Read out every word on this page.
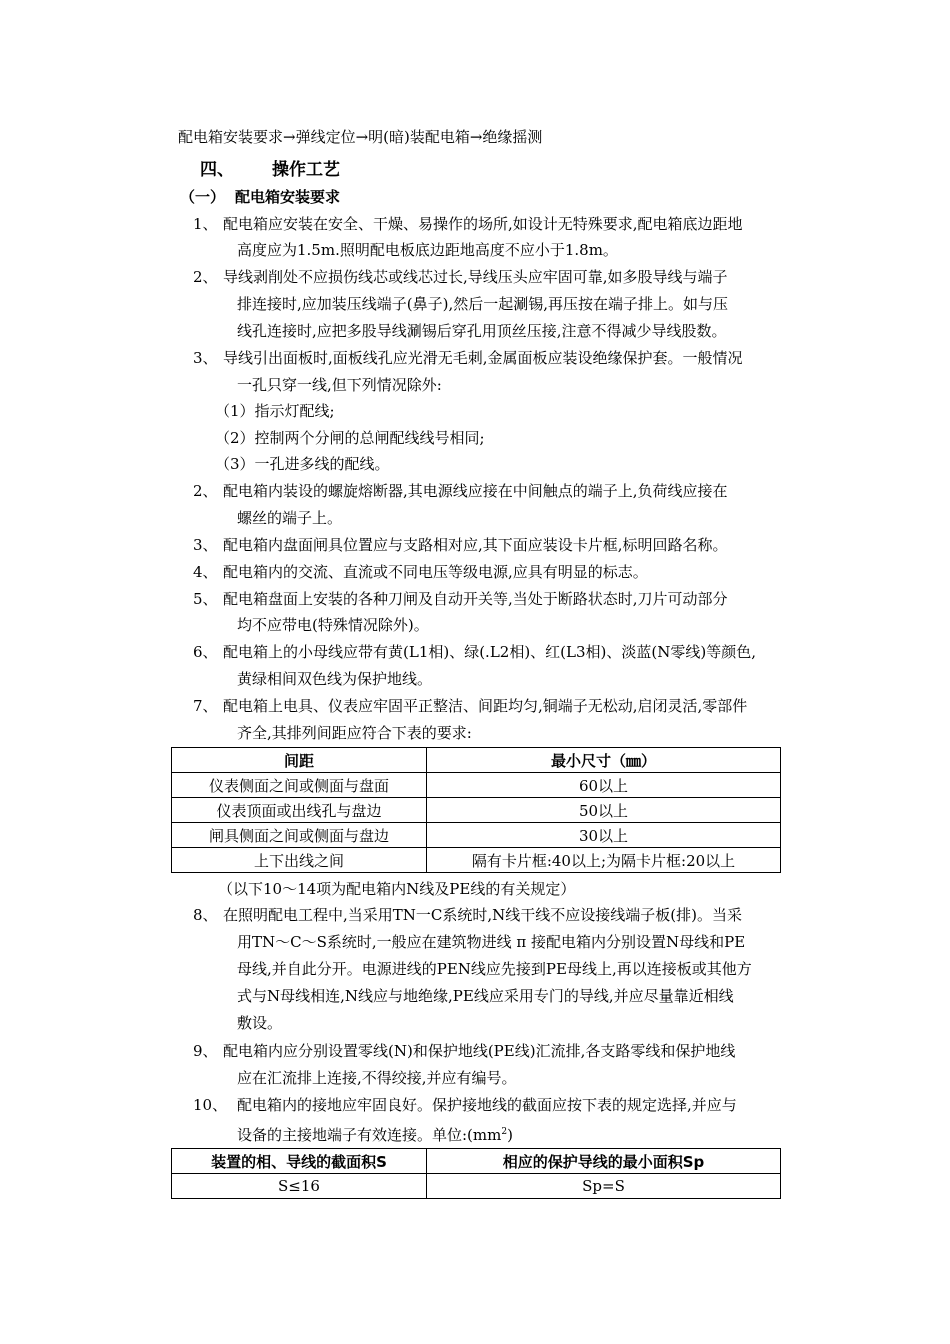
配电箱安装要求→弹线定位→明(暗)装配电箱→绝缘摇测
四、 操作工艺
（一） 配电箱安装要求
1、 配电箱应安装在安全、干燥、易操作的场所,如设计无特殊要求,配电箱底边距地
高度应为1.5m.照明配电板底边距地高度不应小于1.8m。
2、 导线剥削处不应损伤线芯或线芯过长,导线压头应牢固可靠,如多股导线与端子
排连接时,应加装压线端子(鼻子),然后一起涮锡,再压按在端子排上。如与压
线孔连接时,应把多股导线涮锡后穿孔用顶丝压接,注意不得减少导线股数。
3、 导线引出面板时,面板线孔应光滑无毛刺,金属面板应装设绝缘保护套。一般情况
一孔只穿一线,但下列情况除外:
（1）指示灯配线;
（2）控制两个分闸的总闸配线线号相同;
（3）一孔进多线的配线。
2、 配电箱内装设的螺旋熔断器,其电源线应接在中间触点的端子上,负荷线应接在
螺丝的端子上。
3、 配电箱内盘面闸具位置应与支路相对应,其下面应装设卡片框,标明回路名称。
4、 配电箱内的交流、直流或不同电压等级电源,应具有明显的标志。
5、 配电箱盘面上安装的各种刀闸及自动开关等,当处于断路状态时,刀片可动部分
均不应带电(特殊情况除外)。
6、 配电箱上的小母线应带有黄(L1相)、绿(.L2相)、红(L3相)、淡蓝(N零线)等颜色,
黄绿相间双色线为保护地线。
7、 配电箱上电具、仪表应牢固平正整洁、间距均匀,铜端子无松动,启闭灵活,零部件
齐全,其排列间距应符合下表的要求:
间距	最小尺寸（㎜）
仪表侧面之间或侧面与盘面	60以上
仪表顶面或出线孔与盘边	50以上
闸具侧面之间或侧面与盘边	30以上
上下出线之间	隔有卡片框:40以上;为隔卡片框:20以上
（以下10～14项为配电箱内N线及PE线的有关规定）
8、 在照明配电工程中,当采用TN一C系统时,N线干线不应设接线端子板(排)。当采
用TN～C～S系统时,一般应在建筑物进线 π 接配电箱内分别设置N母线和PE
母线,并自此分开。电源进线的PEN线应先接到PE母线上,再以连接板或其他方
式与N母线相连,N线应与地绝缘,PE线应采用专门的导线,并应尽量靠近相线
敷设。
9、 配电箱内应分别设置零线(N)和保护地线(PE线)汇流排,各支路零线和保护地线
应在汇流排上连接,不得绞接,并应有编号。
10、 配电箱内的接地应牢固良好。保护接地线的截面应按下表的规定选择,并应与
设备的主接地端子有效连接。单位$:(mm^2)$
装置的相、导线的截面积S	相应的保护导线的最小面积Sp
S≤16	Sp=S
